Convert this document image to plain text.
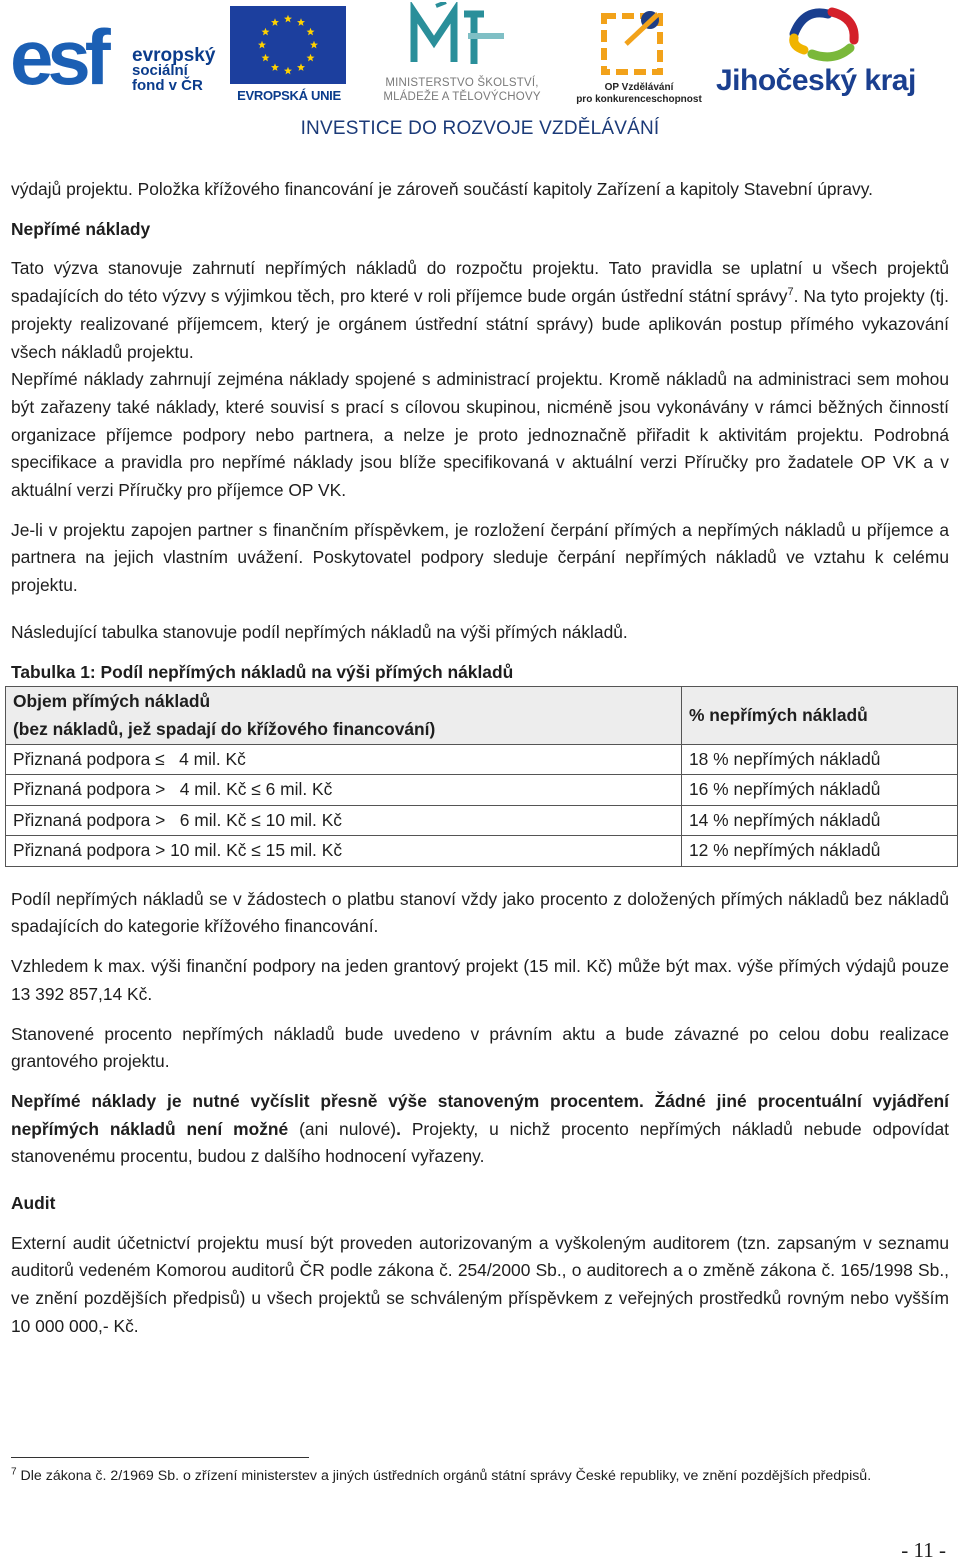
esf	evropský
sociální
fond v ČR
EVROPSKÁ UNIE
MINISTERSTVO ŠKOLSTVÍ,
MLÁDEŽE A TĚLOVÝCHOVY
OP Vzdělávání
pro konkurenceschopnost
Jihočeský kraj
INVESTICE DO ROZVOJE VZDĚLÁVÁNÍ

výdajů projektu. Položka křížového financování je zároveň součástí kapitoly Zařízení a kapitoly Stavební úpravy.

Nepřímé náklady

Tato výzva stanovuje zahrnutí nepřímých nákladů do rozpočtu projektu. Tato pravidla se uplatní u všech projektů spadajících do této výzvy s výjimkou těch, pro které v roli příjemce bude orgán ústřední státní správy$^7$. Na tyto projekty (tj. projekty realizované příjemcem, který je orgánem ústřední státní správy) bude aplikován postup přímého vykazování všech nákladů projektu.

Nepřímé náklady zahrnují zejména náklady spojené s administrací projektu. Kromě nákladů na administraci sem mohou být zařazeny také náklady, které souvisí s prací s cílovou skupinou, nicméně jsou vykonávány v rámci běžných činností organizace příjemce podpory nebo partnera, a nelze je proto jednoznačně přiřadit k aktivitám projektu. Podrobná specifikace a pravidla pro nepřímé náklady jsou blíže specifikovaná v aktuální verzi Příručky pro žadatele OP VK a v aktuální verzi Příručky pro příjemce OP VK.

Je-li v projektu zapojen partner s finančním příspěvkem, je rozložení čerpání přímých a nepřímých nákladů u příjemce a partnera na jejich vlastním uvážení. Poskytovatel podpory sleduje čerpání nepřímých nákladů ve vztahu k celému projektu.

Následující tabulka stanovuje podíl nepřímých nákladů na výši přímých nákladů.

Tabulka 1: Podíl nepřímých nákladů na výši přímých nákladů

Objem přímých nákladů
(bez nákladů, jež spadají do křížového financování)	% nepřímých nákladů
Přiznaná podpora ≤   4 mil. Kč	18 % nepřímých nákladů
Přiznaná podpora >   4 mil. Kč ≤ 6 mil. Kč	16 % nepřímých nákladů
Přiznaná podpora >   6 mil. Kč ≤ 10 mil. Kč	14 % nepřímých nákladů
Přiznaná podpora > 10 mil. Kč ≤ 15 mil. Kč	12 % nepřímých nákladů

Podíl nepřímých nákladů se v žádostech o platbu stanoví vždy jako procento z doložených přímých nákladů bez nákladů spadajících do kategorie křížového financování.

Vzhledem k max. výši finanční podpory na jeden grantový projekt (15 mil. Kč) může být max. výše přímých výdajů pouze 13 392 857,14 Kč.

Stanovené procento nepřímých nákladů bude uvedeno v právním aktu a bude závazné po celou dobu realizace grantového projektu.

Nepřímé náklady je nutné vyčíslit přesně výše stanoveným procentem. Žádné jiné procentuální vyjádření nepřímých nákladů není možné (ani nulové). Projekty, u nichž procento nepřímých nákladů nebude odpovídat stanovenému procentu, budou z dalšího hodnocení vyřazeny.

Audit

Externí audit účetnictví projektu musí být proveden autorizovaným a vyškoleným auditorem (tzn. zapsaným v seznamu auditorů vedeném Komorou auditorů ČR podle zákona č. 254/2000 Sb., o auditorech a o změně zákona č. 165/1998 Sb., ve znění pozdějších předpisů) u všech projektů se schváleným příspěvkem z veřejných prostředků rovným nebo vyšším 10 000 000,- Kč.

$^7$ Dle zákona č. 2/1969 Sb. o zřízení ministerstev a jiných ústředních orgánů státní správy České republiky, ve znění pozdějších předpisů.
- 11 -
